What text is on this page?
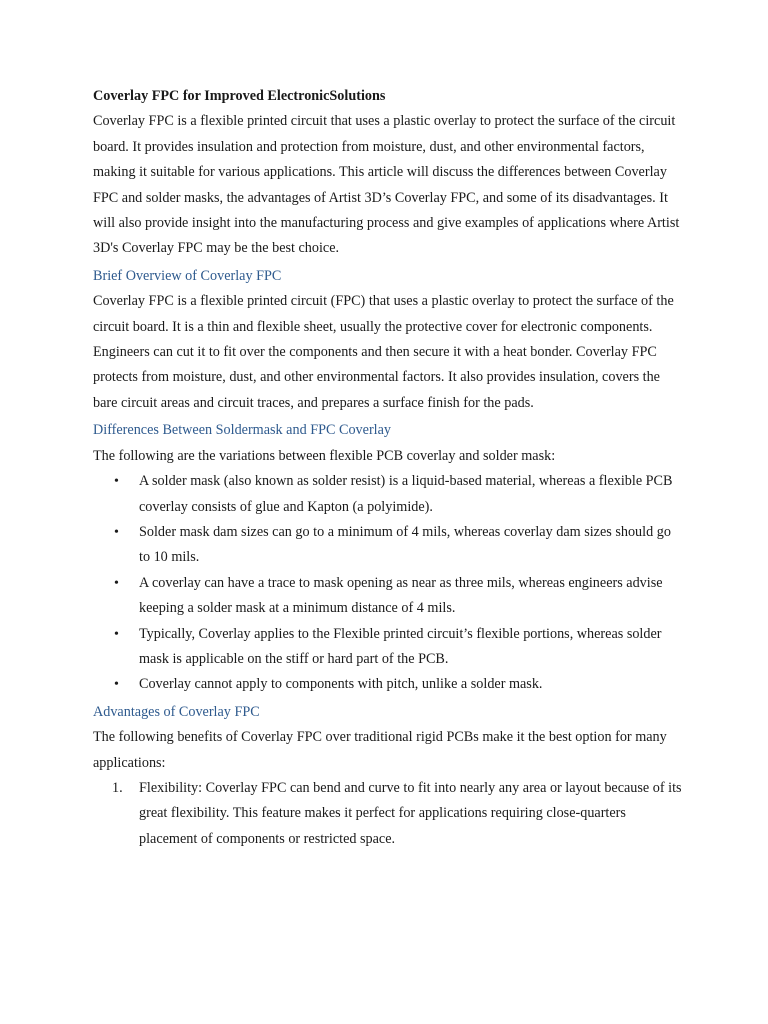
Coverlay FPC for Improved ElectronicSolutions

Coverlay FPC is a flexible printed circuit that uses a plastic overlay to protect the surface of the circuit board. It provides insulation and protection from moisture, dust, and other environmental factors, making it suitable for various applications. This article will discuss the differences between Coverlay FPC and solder masks, the advantages of Artist 3D’s Coverlay FPC, and some of its disadvantages. It will also provide insight into the manufacturing process and give examples of applications where Artist 3D's Coverlay FPC may be the best choice.

Brief Overview of Coverlay FPC

Coverlay FPC is a flexible printed circuit (FPC) that uses a plastic overlay to protect the surface of the circuit board. It is a thin and flexible sheet, usually the protective cover for electronic components. Engineers can cut it to fit over the components and then secure it with a heat bonder. Coverlay FPC protects from moisture, dust, and other environmental factors. It also provides insulation, covers the bare circuit areas and circuit traces, and prepares a surface finish for the pads.

Differences Between Soldermask and FPC Coverlay

The following are the variations between flexible PCB coverlay and solder mask:

• A solder mask (also known as solder resist) is a liquid-based material, whereas a flexible PCB coverlay consists of glue and Kapton (a polyimide).
• Solder mask dam sizes can go to a minimum of 4 mils, whereas coverlay dam sizes should go to 10 mils.
• A coverlay can have a trace to mask opening as near as three mils, whereas engineers advise keeping a solder mask at a minimum distance of 4 mils.
• Typically, Coverlay applies to the Flexible printed circuit’s flexible portions, whereas solder mask is applicable on the stiff or hard part of the PCB.
• Coverlay cannot apply to components with pitch, unlike a solder mask.
Advantages of Coverlay FPC

The following benefits of Coverlay FPC over traditional rigid PCBs make it the best option for many applications:

1. Flexibility: Coverlay FPC can bend and curve to fit into nearly any area or layout because of its great flexibility. This feature makes it perfect for applications requiring close-quarters placement of components or restricted space.
